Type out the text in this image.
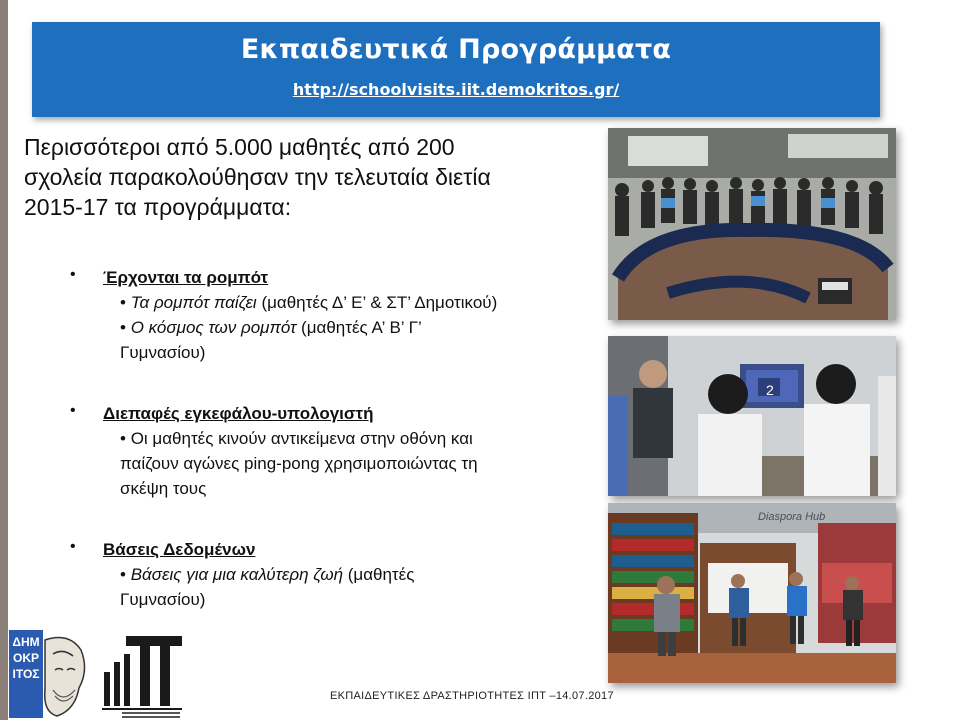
Εκπαιδευτικά Προγράμματα
http://schoolvisits.iit.demokritos.gr/
Περισσότεροι από 5.000 μαθητές από 200
σχολεία παρακολούθησαν την τελευταία διετία
2015-17 τα προγράμματα:
• Έρχονται τα ρομπότ
• Τα ρομπότ παίζει (μαθητές Δ’ Ε’ & ΣΤ’ Δημοτικού)
• Ο κόσμος των ρομπότ (μαθητές Α’ Β’ Γ’
Γυμνασίου)
• Διεπαφές εγκεφάλου-υπολογιστή
• Οι μαθητές κινούν αντικείμενα στην οθόνη και
παίζουν αγώνες ping-pong χρησιμοποιώντας τη
σκέψη τους
• Βάσεις Δεδομένων
• Βάσεις για μια καλύτερη ζωή (μαθητές
Γυμνασίου)
2
Diaspora Hub
ΔΗΜΟΚΡΙΤΟΣ
ΕΚΠΑΙΔΕΥΤΙΚΕΣ ΔΡΑΣΤΗΡΙΟΤΗΤΕΣ ΙΠΤ –14.07.2017
